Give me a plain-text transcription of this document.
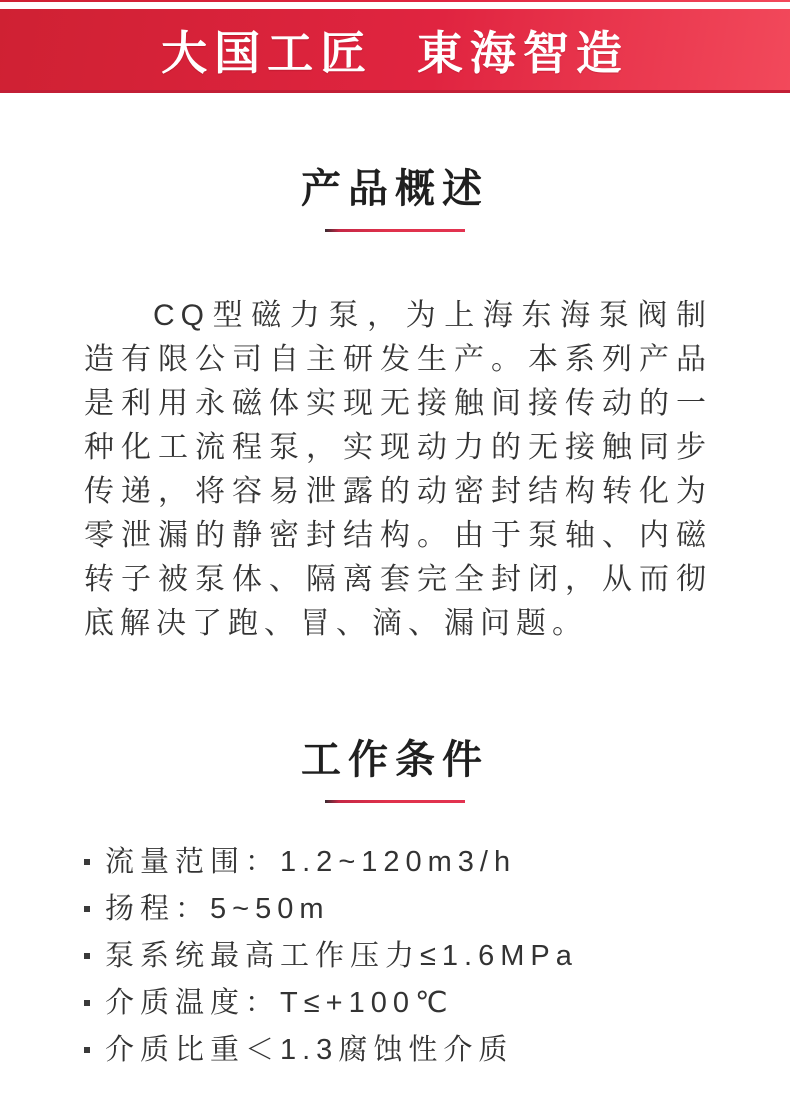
大国工匠 東海智造
产品概述

CQ型磁力泵，为上海东海泵阀制造有限公司自主研发生产。本系列产品是利用永磁体实现无接触间接传动的一种化工流程泵，实现动力的无接触同步传递，将容易泄露的动密封结构转化为零泄漏的静密封结构。由于泵轴、内磁转子被泵体、隔离套完全封闭，从而彻底解决了跑、冒、滴、漏问题。

工作条件
流量范围：1.2~120m3/h
扬程：5~50m
泵系统最高工作压力≤1.6MPa
介质温度：T≤+100℃
介质比重＜1.3腐蚀性介质
